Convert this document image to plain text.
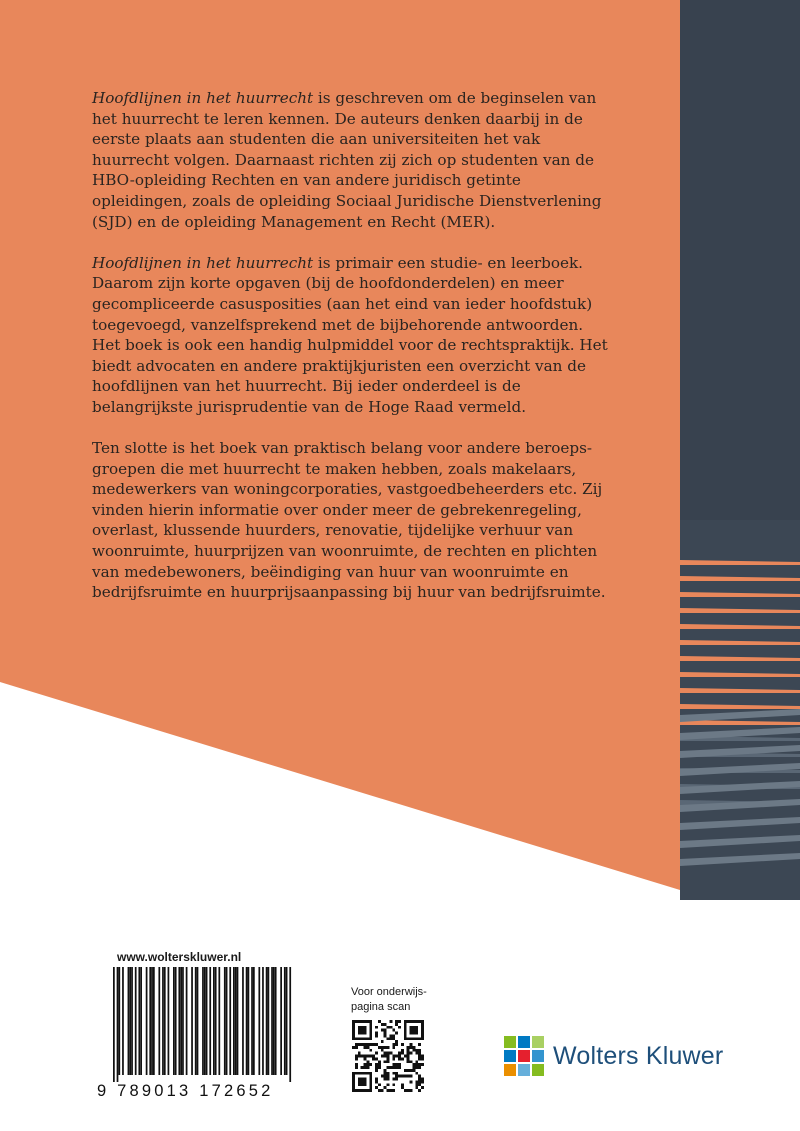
Hoofdlijnen in het huurrecht is geschreven om de beginselen van het huurrecht te leren kennen. De auteurs denken daarbij in de eerste plaats aan studenten die aan universiteiten het vak huurrecht volgen. Daarnaast richten zij zich op studenten van de HBO-opleiding Rechten en van andere juridisch getinte opleidingen, zoals de opleiding Sociaal Juridische Dienstverlening (SJD) en de opleiding Management en Recht (MER).

Hoofdlijnen in het huurrecht is primair een studie- en leerboek. Daarom zijn korte opgaven (bij de hoofdonderdelen) en meer gecompliceerde casusposities (aan het eind van ieder hoofdstuk) toegevoegd, vanzelfsprekend met de bijbehorende antwoorden. Het boek is ook een handig hulpmiddel voor de rechtspraktijk. Het biedt advocaten en andere praktijkjuristen een overzicht van de hoofdlijnen van het huurrecht. Bij ieder onderdeel is de belangrijkste jurisprudentie van de Hoge Raad vermeld.

Ten slotte is het boek van praktisch belang voor andere beroeps-groepen die met huurrecht te maken hebben, zoals makelaars, medewerkers van woningcorporaties, vastgoedbeheerders etc. Zij vinden hierin informatie over onder meer de gebrekenregeling, overlast, klussende huurders, renovatie, tijdelijke verhuur van woonruimte, huurprijzen van woonruimte, de rechten en plichten van medebewoners, beëindiging van huur van woonruimte en bedrijfsruimte en huurprijsaanpassing bij huur van bedrijfsruimte.

www.wolterskluwer.nl
9 789013 172652
Voor onderwijs-
pagina scan
Wolters Kluwer
